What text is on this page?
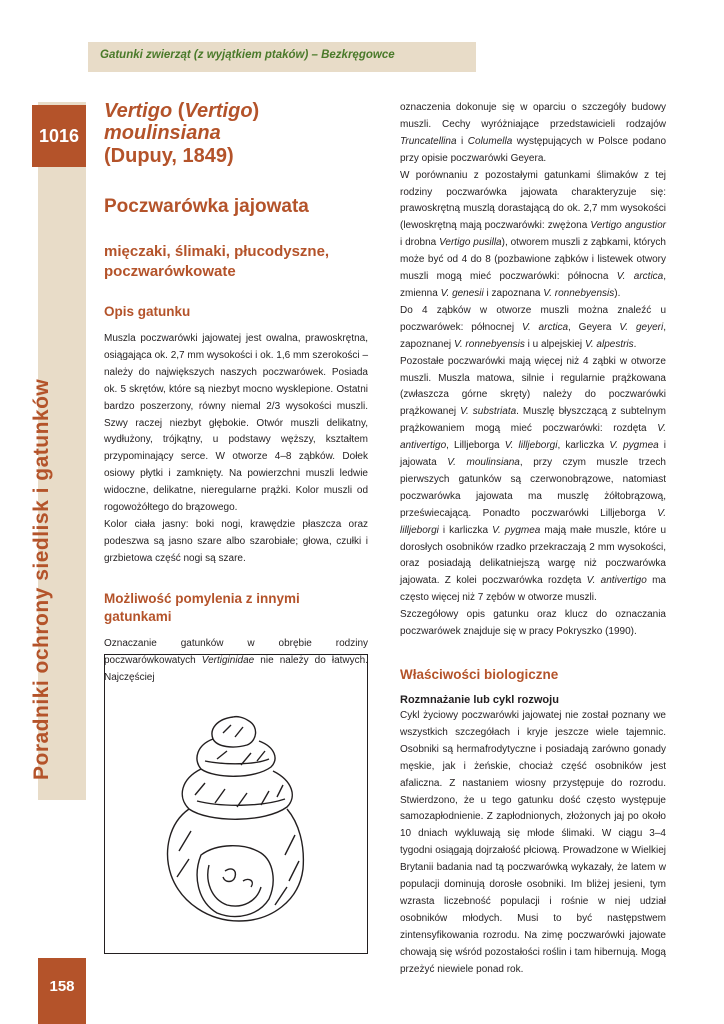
Gatunki zwierząt (z wyjątkiem ptaków) – Bezkręgowce
1016
Poradniki ochrony siedlisk i gatunków
158
Vertigo (Vertigo)
moulinsiana
(Dupuy, 1849)
Poczwarówka jajowata
mięczaki, ślimaki, płucodyszne, poczwarówkowate
Opis gatunku

Muszla poczwarówki jajowatej jest owalna, prawoskrętna, osiągająca ok. 2,7 mm wysokości i ok. 1,6 mm szerokości – należy do największych naszych poczwarówek. Posiada ok. 5 skrętów, które są niezbyt mocno wysklepione. Ostatni bardzo poszerzony, równy niemal 2/3 wysokości muszli. Szwy raczej niezbyt głębokie. Otwór muszli delikatny, wydłużony, trójkątny, u podstawy węższy, kształtem przypominający serce. W otworze 4–8 ząbków. Dołek osiowy płytki i zamknięty. Na powierzchni muszli ledwie widoczne, delikatne, nieregularne prążki. Kolor muszli od rogowożółtego do brązowego.

Kolor ciała jasny: boki nogi, krawędzie płaszcza oraz podeszwa są jasno szare albo szarobiałe; głowa, czułki i grzbietowa część nogi są szare.

Możliwość pomylenia z innymi gatunkami

Oznaczanie gatunków w obrębie rodziny poczwarówkowatych Vertiginidae nie należy do łatwych. Najczęściej

oznaczenia dokonuje się w oparciu o szczegóły budowy muszli. Cechy wyróżniające przedstawicieli rodzajów Truncatellina i Columella występujących w Polsce podano przy opisie poczwarówki Geyera.

W porównaniu z pozostałymi gatunkami ślimaków z tej rodziny poczwarówka jajowata charakteryzuje się: prawoskrętną muszlą dorastającą do ok. 2,7 mm wysokości (lewoskrętną mają poczwarówki: zwężona Vertigo angustior i drobna Vertigo pusilla), otworem muszli z ząbkami, których może być od 4 do 8 (pozbawione ząbków i listewek otwory muszli mogą mieć poczwarówki: północna V. arctica, zmienna V. genesii i zapoznana V. ronnebyensis).

Do 4 ząbków w otworze muszli można znaleźć u poczwarówek: północnej V. arctica, Geyera V. geyeri, zapoznanej V. ronnebyensis i u alpejskiej V. alpestris.

Pozostałe poczwarówki mają więcej niż 4 ząbki w otworze muszli. Muszla matowa, silnie i regularnie prążkowana (zwłaszcza górne skręty) należy do poczwarówki prążkowanej V. substriata. Muszlę błyszczącą z subtelnym prążkowaniem mogą mieć poczwarówki: rozdęta V. antivertigo, Lilljeborga V. lilljeborgi, karliczka V. pygmea i jajowata V. moulinsiana, przy czym muszle trzech pierwszych gatunków są czerwonobrązowe, natomiast poczwarówka jajowata ma muszlę żółtobrązową, przeświecającą. Ponadto poczwarówki Lilljeborga V. lilljeborgi i karliczka V. pygmea mają małe muszle, które u dorosłych osobników rzadko przekraczają 2 mm wysokości, oraz posiadają delikatniejszą wargę niż poczwarówka jajowata. Z kolei poczwarówka rozdęta V. antivertigo ma często więcej niż 7 zębów w otworze muszli.

Szczegółowy opis gatunku oraz klucz do oznaczania poczwarówek znajduje się w pracy Pokryszko (1990).

Właściwości biologiczne
Rozmnażanie lub cykl rozwoju

Cykl życiowy poczwarówki jajowatej nie został poznany we wszystkich szczegółach i kryje jeszcze wiele tajemnic. Osobniki są hermafrodytyczne i posiadają zarówno gonady męskie, jak i żeńskie, chociaż część osobników jest afaliczna. Z nastaniem wiosny przystępuje do rozrodu. Stwierdzono, że u tego gatunku dość często występuje samozapłodnienie. Z zapłodnionych, złożonych jaj po około 10 dniach wykluwają się młode ślimaki. W ciągu 3–4 tygodni osiągają dojrzałość płciową. Prowadzone w Wielkiej Brytanii badania nad tą poczwarówką wykazały, że latem w populacji dominują dorosłe osobniki. Im bliżej jesieni, tym wzrasta liczebność populacji i rośnie w niej udział osobników młodych. Musi to być następstwem zintensyfikowania rozrodu. Na zimę poczwarówki jajowate chowają się wśród pozostałości roślin i tam hibernują. Mogą przeżyć niewiele ponad rok.
